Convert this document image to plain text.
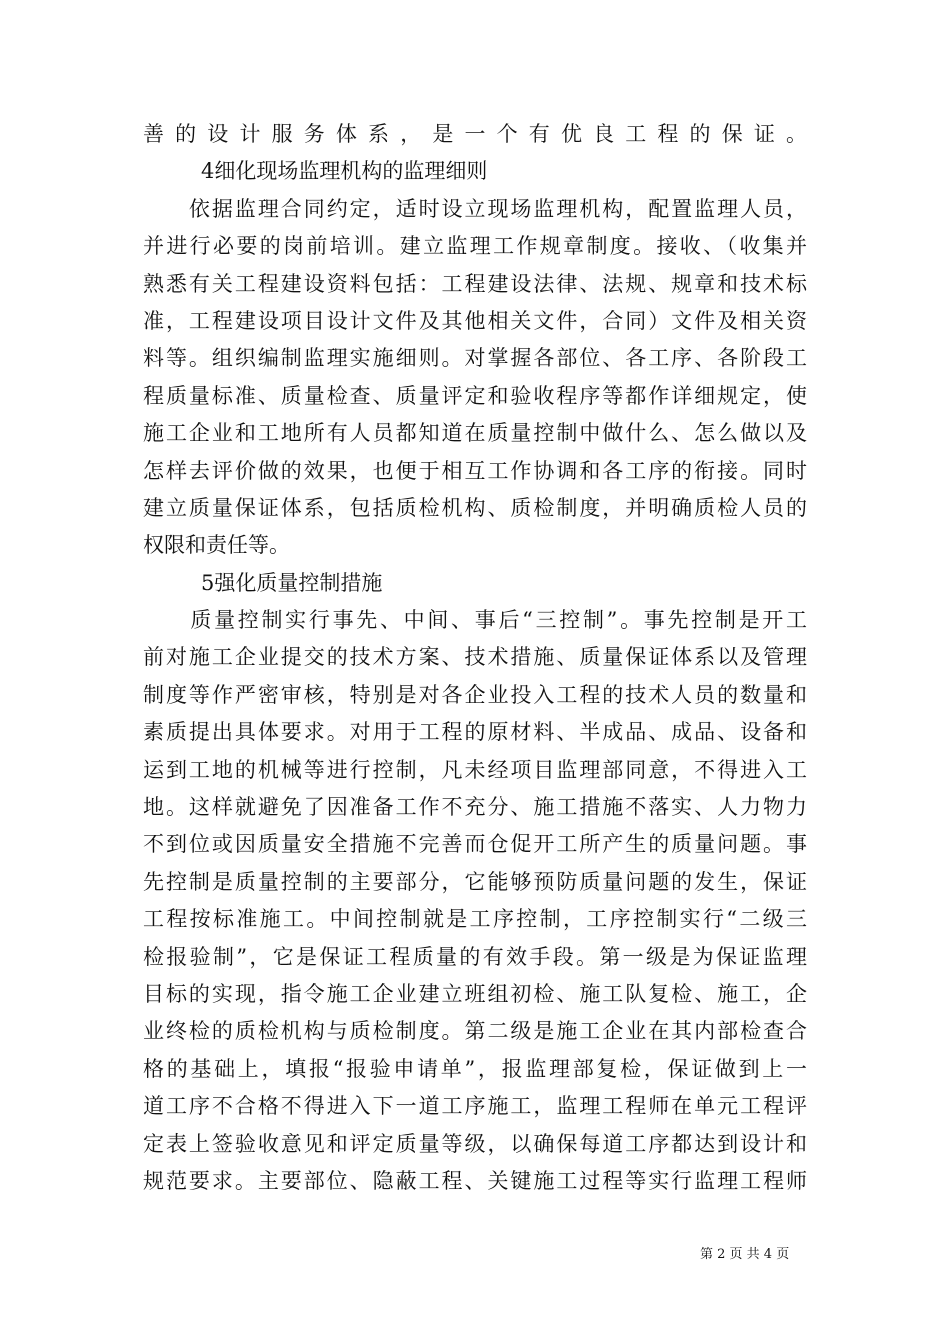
善的设计服务体系，是一个有优良工程的保证。
4细化现场监理机构的监理细则
　　依据监理合同约定，适时设立现场监理机构，配置监理人员，
并进行必要的岗前培训。建立监理工作规章制度。接收、（收集并
熟悉有关工程建设资料包括：工程建设法律、法规、规章和技术标
准，工程建设项目设计文件及其他相关文件，合同）文件及相关资
料等。组织编制监理实施细则。对掌握各部位、各工序、各阶段工
程质量标准、质量检查、质量评定和验收程序等都作详细规定，使
施工企业和工地所有人员都知道在质量控制中做什么、怎么做以及
怎样去评价做的效果，也便于相互工作协调和各工序的衔接。同时
建立质量保证体系，包括质检机构、质检制度，并明确质检人员的
权限和责任等。
5强化质量控制措施
　　质量控制实行事先、中间、事后“三控制”。事先控制是开工
前对施工企业提交的技术方案、技术措施、质量保证体系以及管理
制度等作严密审核，特别是对各企业投入工程的技术人员的数量和
素质提出具体要求。对用于工程的原材料、半成品、成品、设备和
运到工地的机械等进行控制，凡未经项目监理部同意，不得进入工
地。这样就避免了因准备工作不充分、施工措施不落实、人力物力
不到位或因质量安全措施不完善而仓促开工所产生的质量问题。事
先控制是质量控制的主要部分，它能够预防质量问题的发生，保证
工程按标准施工。中间控制就是工序控制，工序控制实行“二级三
检报验制”，它是保证工程质量的有效手段。第一级是为保证监理
目标的实现，指令施工企业建立班组初检、施工队复检、施工，企
业终检的质检机构与质检制度。第二级是施工企业在其内部检查合
格的基础上，填报“报验申请单”，报监理部复检，保证做到上一
道工序不合格不得进入下一道工序施工，监理工程师在单元工程评
定表上签验收意见和评定质量等级，以确保每道工序都达到设计和
规范要求。主要部位、隐蔽工程、关键施工过程等实行监理工程师
第 2 页 共 4 页
